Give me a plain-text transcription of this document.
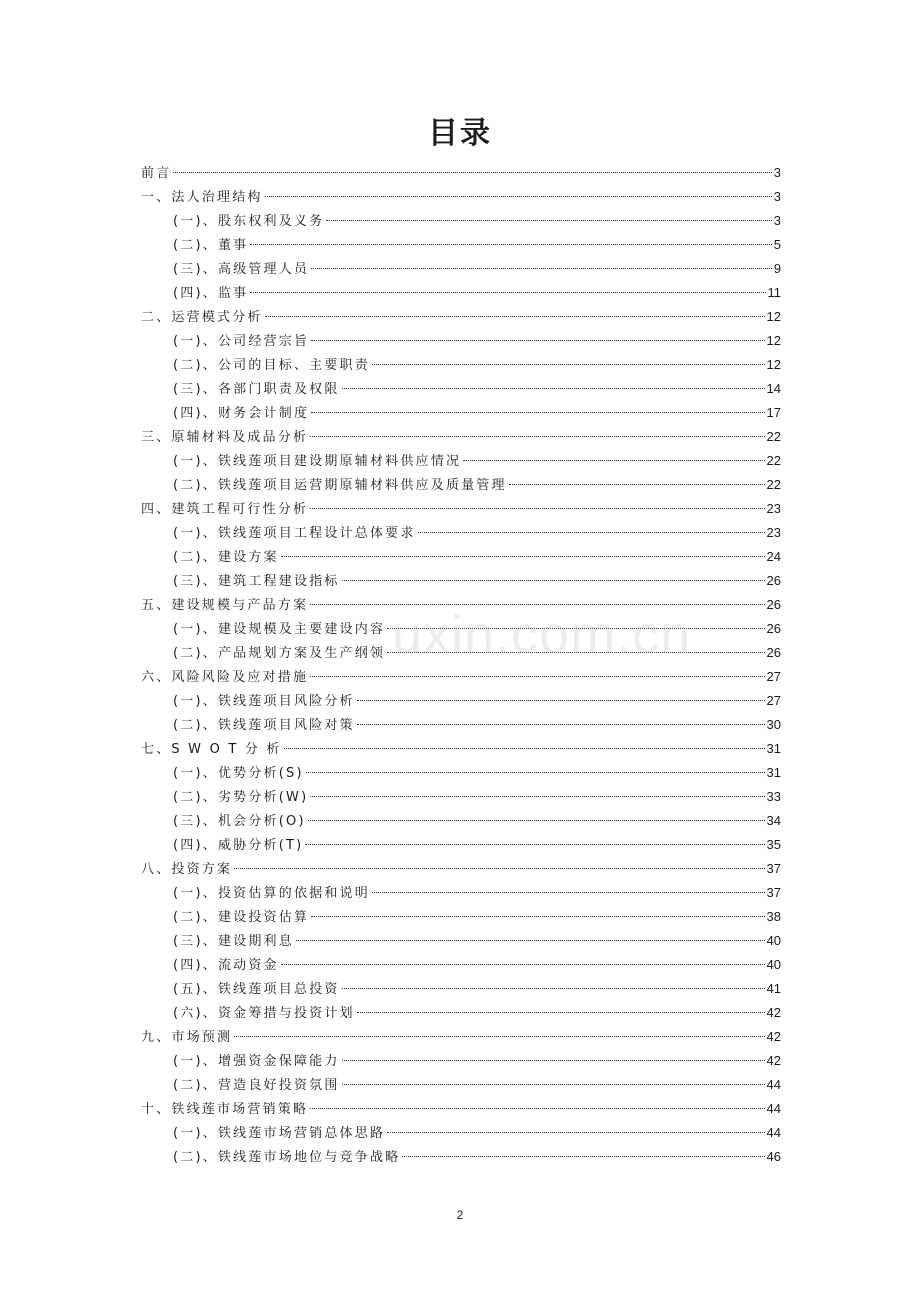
目录
前言	3
一、法人治理结构	3
(一)、股东权利及义务	3
(二)、董事	5
(三)、高级管理人员	9
(四)、监事	11
二、运营模式分析	12
(一)、公司经营宗旨	12
(二)、公司的目标、主要职责	12
(三)、各部门职责及权限	14
(四)、财务会计制度	17
三、原辅材料及成品分析	22
(一)、铁线莲项目建设期原辅材料供应情况	22
(二)、铁线莲项目运营期原辅材料供应及质量管理	22
四、建筑工程可行性分析	23
(一)、铁线莲项目工程设计总体要求	23
(二)、建设方案	24
(三)、建筑工程建设指标	26
五、建设规模与产品方案	26
(一)、建设规模及主要建设内容	26
(二)、产品规划方案及生产纲领	26
六、风险风险及应对措施	27
(一)、铁线莲项目风险分析	27
(二)、铁线莲项目风险对策	30
七、S W O T 分 析	31
(一)、优势分析(S)	31
(二)、劣势分析(W)	33
(三)、机会分析(O)	34
(四)、威胁分析(T)	35
八、投资方案	37
(一)、投资估算的依据和说明	37
(二)、建设投资估算	38
(三)、建设期利息	40
(四)、流动资金	40
(五)、铁线莲项目总投资	41
(六)、资金筹措与投资计划	42
九、市场预测	42
(一)、增强资金保障能力	42
(二)、营造良好投资氛围	44
十、铁线莲市场营销策略	44
(一)、铁线莲市场营销总体思路	44
(二)、铁线莲市场地位与竞争战略	46
uxin.com.cn
2
